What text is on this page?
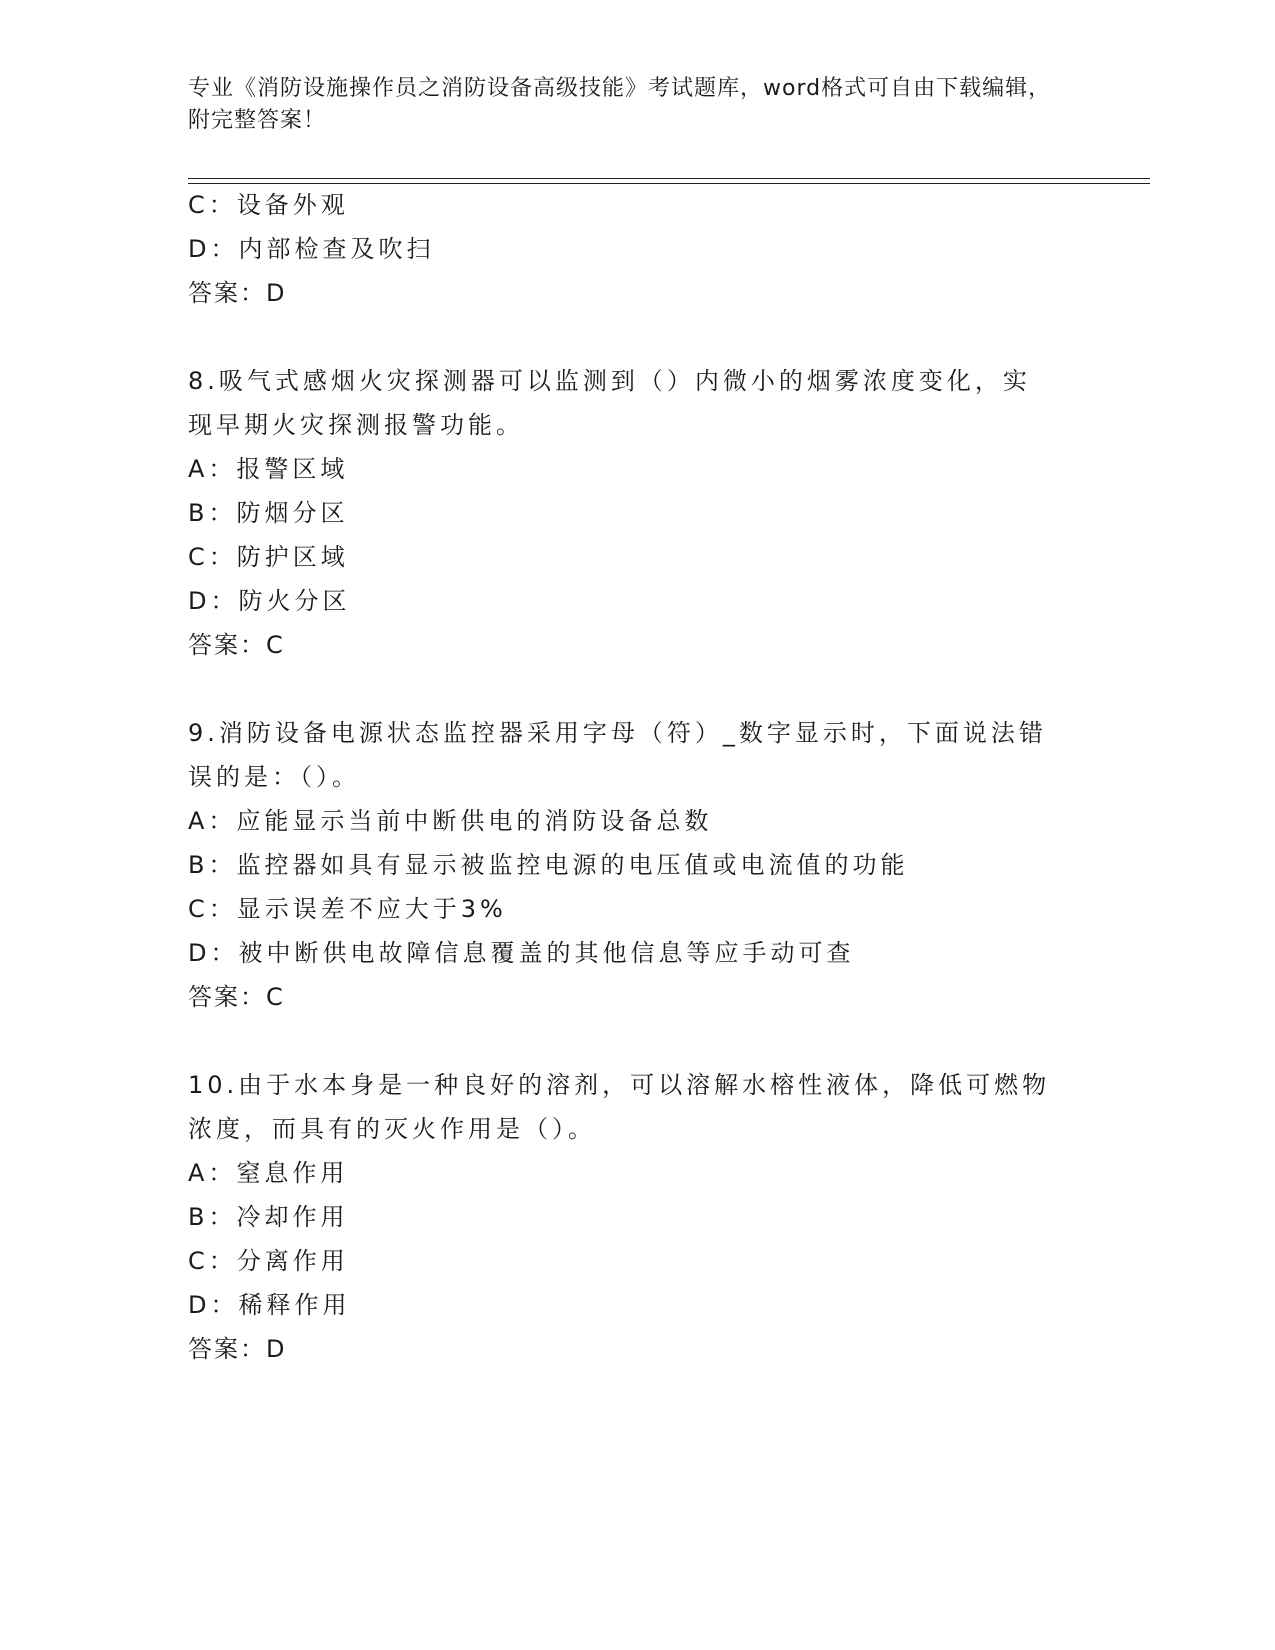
专业《消防设施操作员之消防设备高级技能》考试题库，word格式可自由下载编辑，附完整答案！
C：设备外观
D：内部检查及吹扫
答案：D
8.吸气式感烟火灾探测器可以监测到（）内微小的烟雾浓度变化，实
现早期火灾探测报警功能。
A：报警区域
B：防烟分区
C：防护区域
D：防火分区
答案：C
9.消防设备电源状态监控器采用字母（符）_数字显示时，下面说法错
误的是：（）。
A：应能显示当前中断供电的消防设备总数
B：监控器如具有显示被监控电源的电压值或电流值的功能
C：显示误差不应大于3%
D：被中断供电故障信息覆盖的其他信息等应手动可查
答案：C
10.由于水本身是一种良好的溶剂，可以溶解水榕性液体，降低可燃物
浓度，而具有的灭火作用是（）。
A：窒息作用
B：冷却作用
C：分离作用
D：稀释作用
答案：D
